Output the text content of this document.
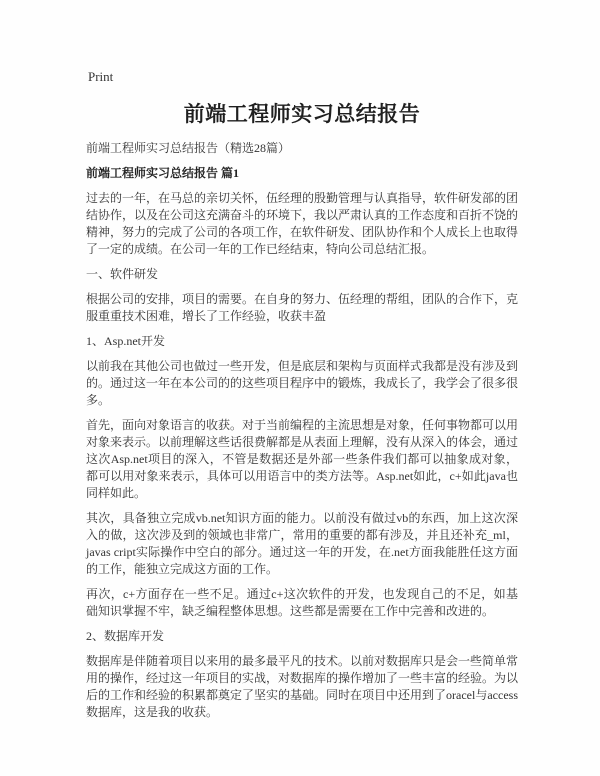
Print
前端工程师实习总结报告

前端工程师实习总结报告（精选28篇）

前端工程师实习总结报告 篇1

过去的一年，在马总的亲切关怀，伍经理的殷勤管理与认真指导，软件研发部的团结协作，以及在公司这充满奋斗的环境下，我以严肃认真的工作态度和百折不饶的精神，努力的完成了公司的各项工作，在软件研发、团队协作和个人成长上也取得了一定的成绩。在公司一年的工作已经结束，特向公司总结汇报。

一、软件研发

根据公司的安排，项目的需要。在自身的努力、伍经理的帮组，团队的合作下，克服重重技术困难，增长了工作经验，收获丰盈

1、Asp.net开发

以前我在其他公司也做过一些开发，但是底层和架构与页面样式我都是没有涉及到的。通过这一年在本公司的的这些项目程序中的锻炼，我成长了，我学会了很多很多。

首先，面向对象语言的收获。对于当前编程的主流思想是对象，任何事物都可以用对象来表示。以前理解这些话很费解都是从表面上理解，没有从深入的体会，通过这次Asp.net项目的深入，不管是数据还是外部一些条件我们都可以抽象成对象，都可以用对象来表示，具体可以用语言中的类方法等。Asp.net如此，c+如此java也同样如此。

其次，具备独立完成vb.net知识方面的能力。以前没有做过vb的东西，加上这次深入的做，这次涉及到的领域也非常广，常用的重要的都有涉及，并且还补充_ml，javas cript实际操作中空白的部分。通过这一年的开发，在.net方面我能胜任这方面的工作，能独立完成这方面的工作。

再次，c+方面存在一些不足。通过c+这次软件的开发，也发现自己的不足，如基础知识掌握不牢，缺乏编程整体思想。这些都是需要在工作中完善和改进的。

2、数据库开发

数据库是伴随着项目以来用的最多最平凡的技术。以前对数据库只是会一些简单常用的操作，经过这一年项目的实战，对数据库的操作增加了一些丰富的经验。为以后的工作和经验的积累都奠定了坚实的基础。同时在项目中还用到了oracel与access数据库，这是我的收获。
